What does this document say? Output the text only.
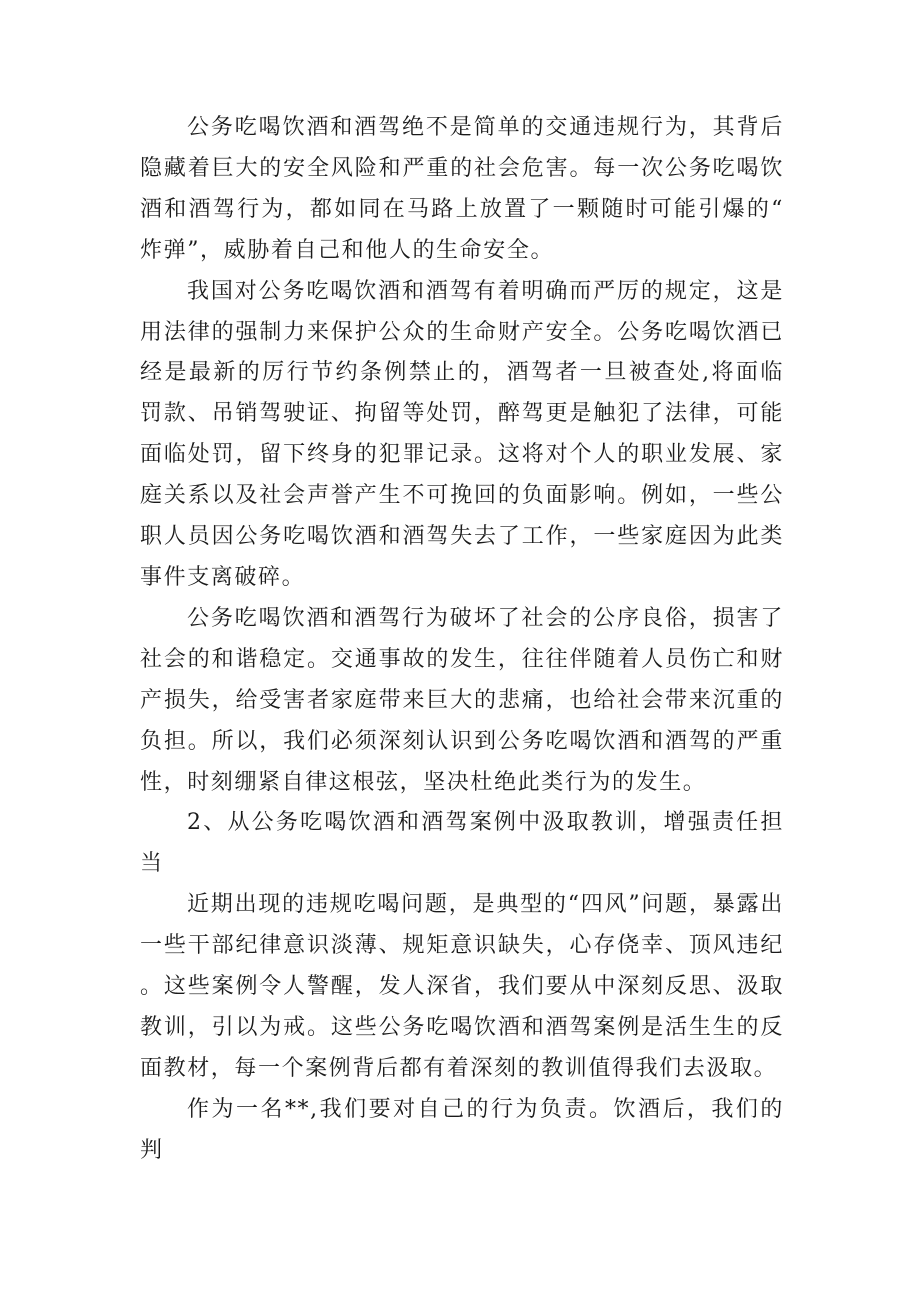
公务吃喝饮酒和酒驾绝不是简单的交通违规行为，其背后隐藏着巨大的安全风险和严重的社会危害。每一次公务吃喝饮酒和酒驾行为，都如同在马路上放置了一颗随时可能引爆的“炸弹”，威胁着自己和他人的生命安全。

我国对公务吃喝饮酒和酒驾有着明确而严厉的规定，这是用法律的强制力来保护公众的生命财产安全。公务吃喝饮酒已经是最新的厉行节约条例禁止的，酒驾者一旦被查处,将面临罚款、吊销驾驶证、拘留等处罚，醉驾更是触犯了法律，可能面临处罚，留下终身的犯罪记录。这将对个人的职业发展、家庭关系以及社会声誉产生不可挽回的负面影响。例如，一些公职人员因公务吃喝饮酒和酒驾失去了工作，一些家庭因为此类事件支离破碎。

公务吃喝饮酒和酒驾行为破坏了社会的公序良俗，损害了社会的和谐稳定。交通事故的发生，往往伴随着人员伤亡和财产损失，给受害者家庭带来巨大的悲痛，也给社会带来沉重的负担。所以，我们必须深刻认识到公务吃喝饮酒和酒驾的严重性，时刻绷紧自律这根弦，坚决杜绝此类行为的发生。

2、从公务吃喝饮酒和酒驾案例中汲取教训，增强责任担当

近期出现的违规吃喝问题，是典型的“四风”问题，暴露出一些干部纪律意识淡薄、规矩意识缺失，心存侥幸、顶风违纪。这些案例令人警醒，发人深省，我们要从中深刻反思、汲取教训，引以为戒。这些公务吃喝饮酒和酒驾案例是活生生的反面教材，每一个案例背后都有着深刻的教训值得我们去汲取。

作为一名**,我们要对自己的行为负责。饮酒后，我们的判
